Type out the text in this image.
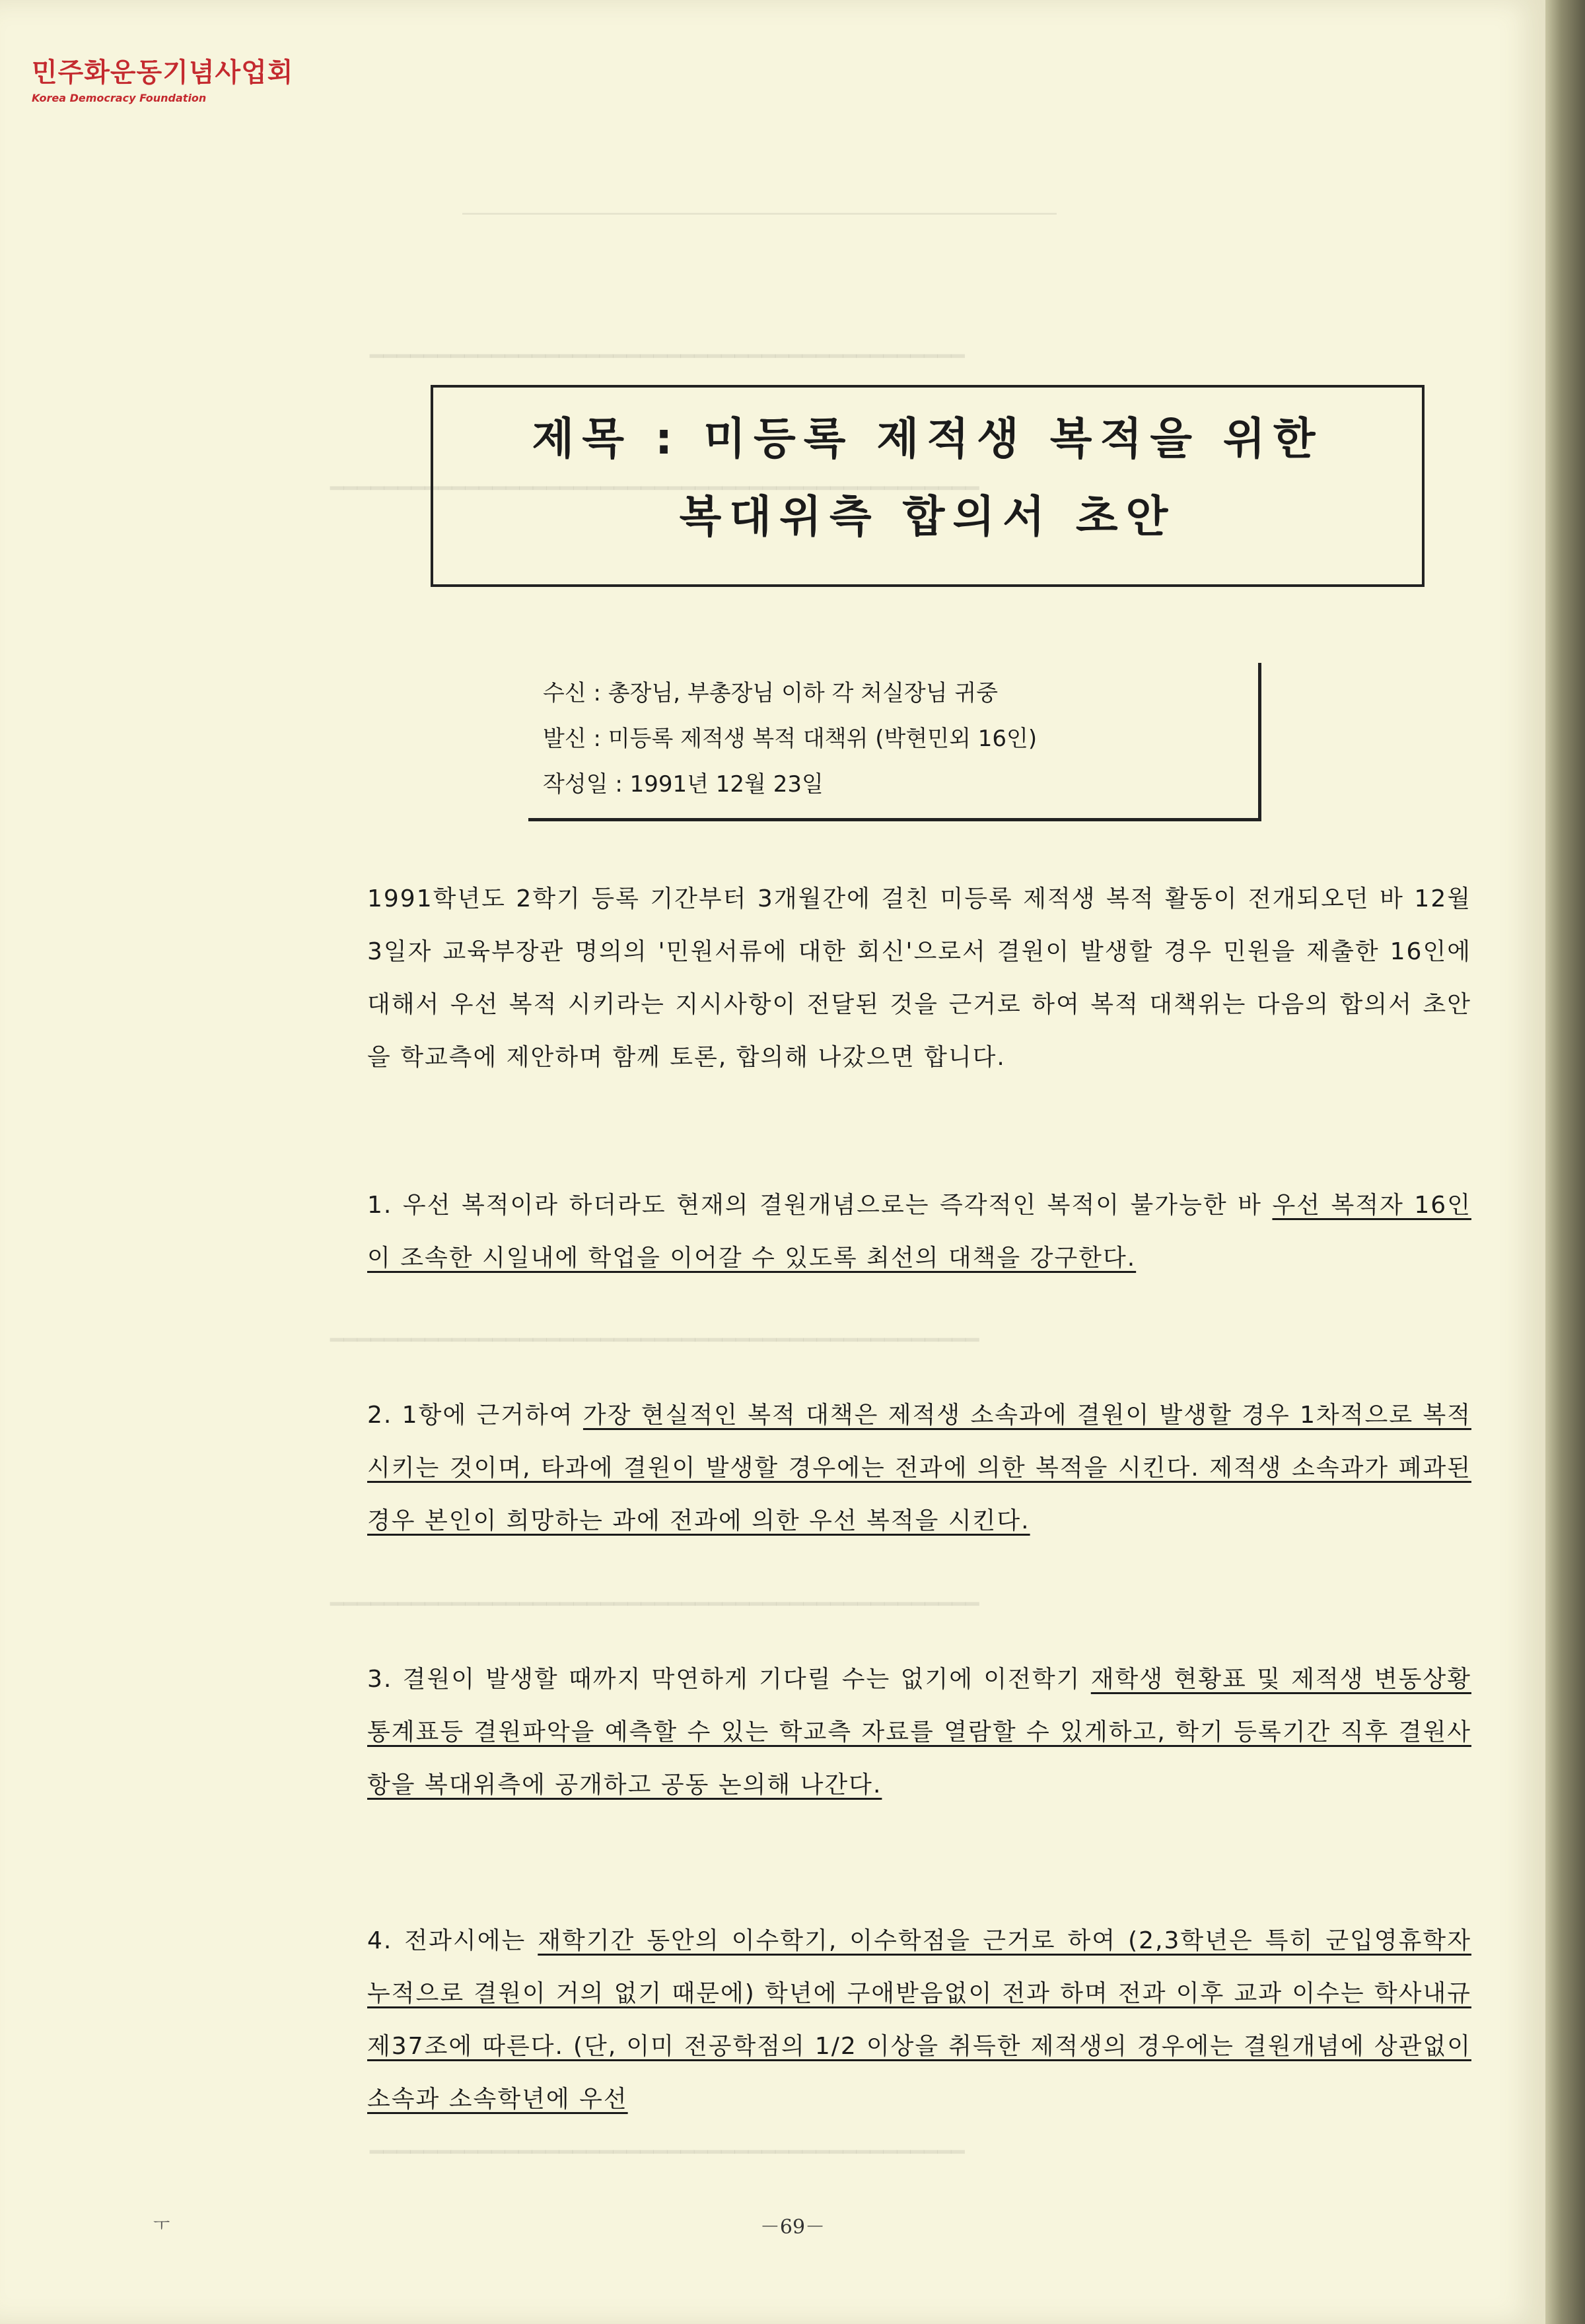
＿＿＿＿＿＿＿＿＿＿＿＿＿＿＿
━━━━━━━━━━━━━━━━━━━━━━━━━━━━━━━━━━━━━━━━━━━━
━━━━━━━━━━━━━━━━━━━━━━━━━━━━━━━━━━━━━━━━━━━━━━━━
━━━━━━━━━━━━━━━━━━━━━━━━━━━━━━━━━━━━━━━━━━━━━━━━
━━━━━━━━━━━━━━━━━━━━━━━━━━━━━━━━━━━━━━━━━━━━━━━━
━━━━━━━━━━━━━━━━━━━━━━━━━━━━━━━━━━━━━━━━━━━━
민주화운동기념사업회
Korea Democracy Foundation
제목 : 미등록 제적생 복적을 위한
복대위측 합의서 초안
수신 : 총장님, 부총장님 이하 각 처실장님 귀중
발신 : 미등록 제적생 복적 대책위 (박현민외 16인)
작성일 : 1991년 12월 23일
1991학년도 2학기 등록 기간부터 3개월간에 걸친 미등록 제적생 복적 활동이 전개되오던 바 12월 3일자 교육부장관 명의의 '민원서류에 대한 회신'으로서 결원이 발생할 경우 민원을 제출한 16인에 대해서 우선 복적 시키라는 지시사항이 전달된 것을 근거로 하여 복적 대책위는 다음의 합의서 초안을 학교측에 제안하며 함께 토론, 합의해 나갔으면 합니다.
1. 우선 복적이라 하더라도 현재의 결원개념으로는 즉각적인 복적이 불가능한 바 우선 복적자 16인이 조속한 시일내에 학업을 이어갈 수 있도록 최선의 대책을 강구한다.
2. 1항에 근거하여 가장 현실적인 복적 대책은 제적생 소속과에 결원이 발생할 경우 1차적으로 복적시키는 것이며, 타과에 결원이 발생할 경우에는 전과에 의한 복적을 시킨다. 제적생 소속과가 폐과된 경우 본인이 희망하는 과에 전과에 의한 우선 복적을 시킨다.
3. 결원이 발생할 때까지 막연하게 기다릴 수는 없기에 이전학기 재학생 현황표 및 제적생 변동상황 통계표등 결원파악을 예측할 수 있는 학교측 자료를 열람할 수 있게하고, 학기 등록기간 직후 결원사항을 복대위측에 공개하고 공동 논의해 나간다.
4. 전과시에는 재학기간 동안의 이수학기, 이수학점을 근거로 하여 (2,3학년은 특히 군입영휴학자 누적으로 결원이 거의 없기 때문에) 학년에 구애받음없이 전과 하며 전과 이후 교과 이수는 학사내규 제37조에 따른다. (단, 이미 전공학점의 1/2 이상을 취득한 제적생의 경우에는 결원개념에 상관없이 소속과 소속학년에 우선
ㅜ	－69－
